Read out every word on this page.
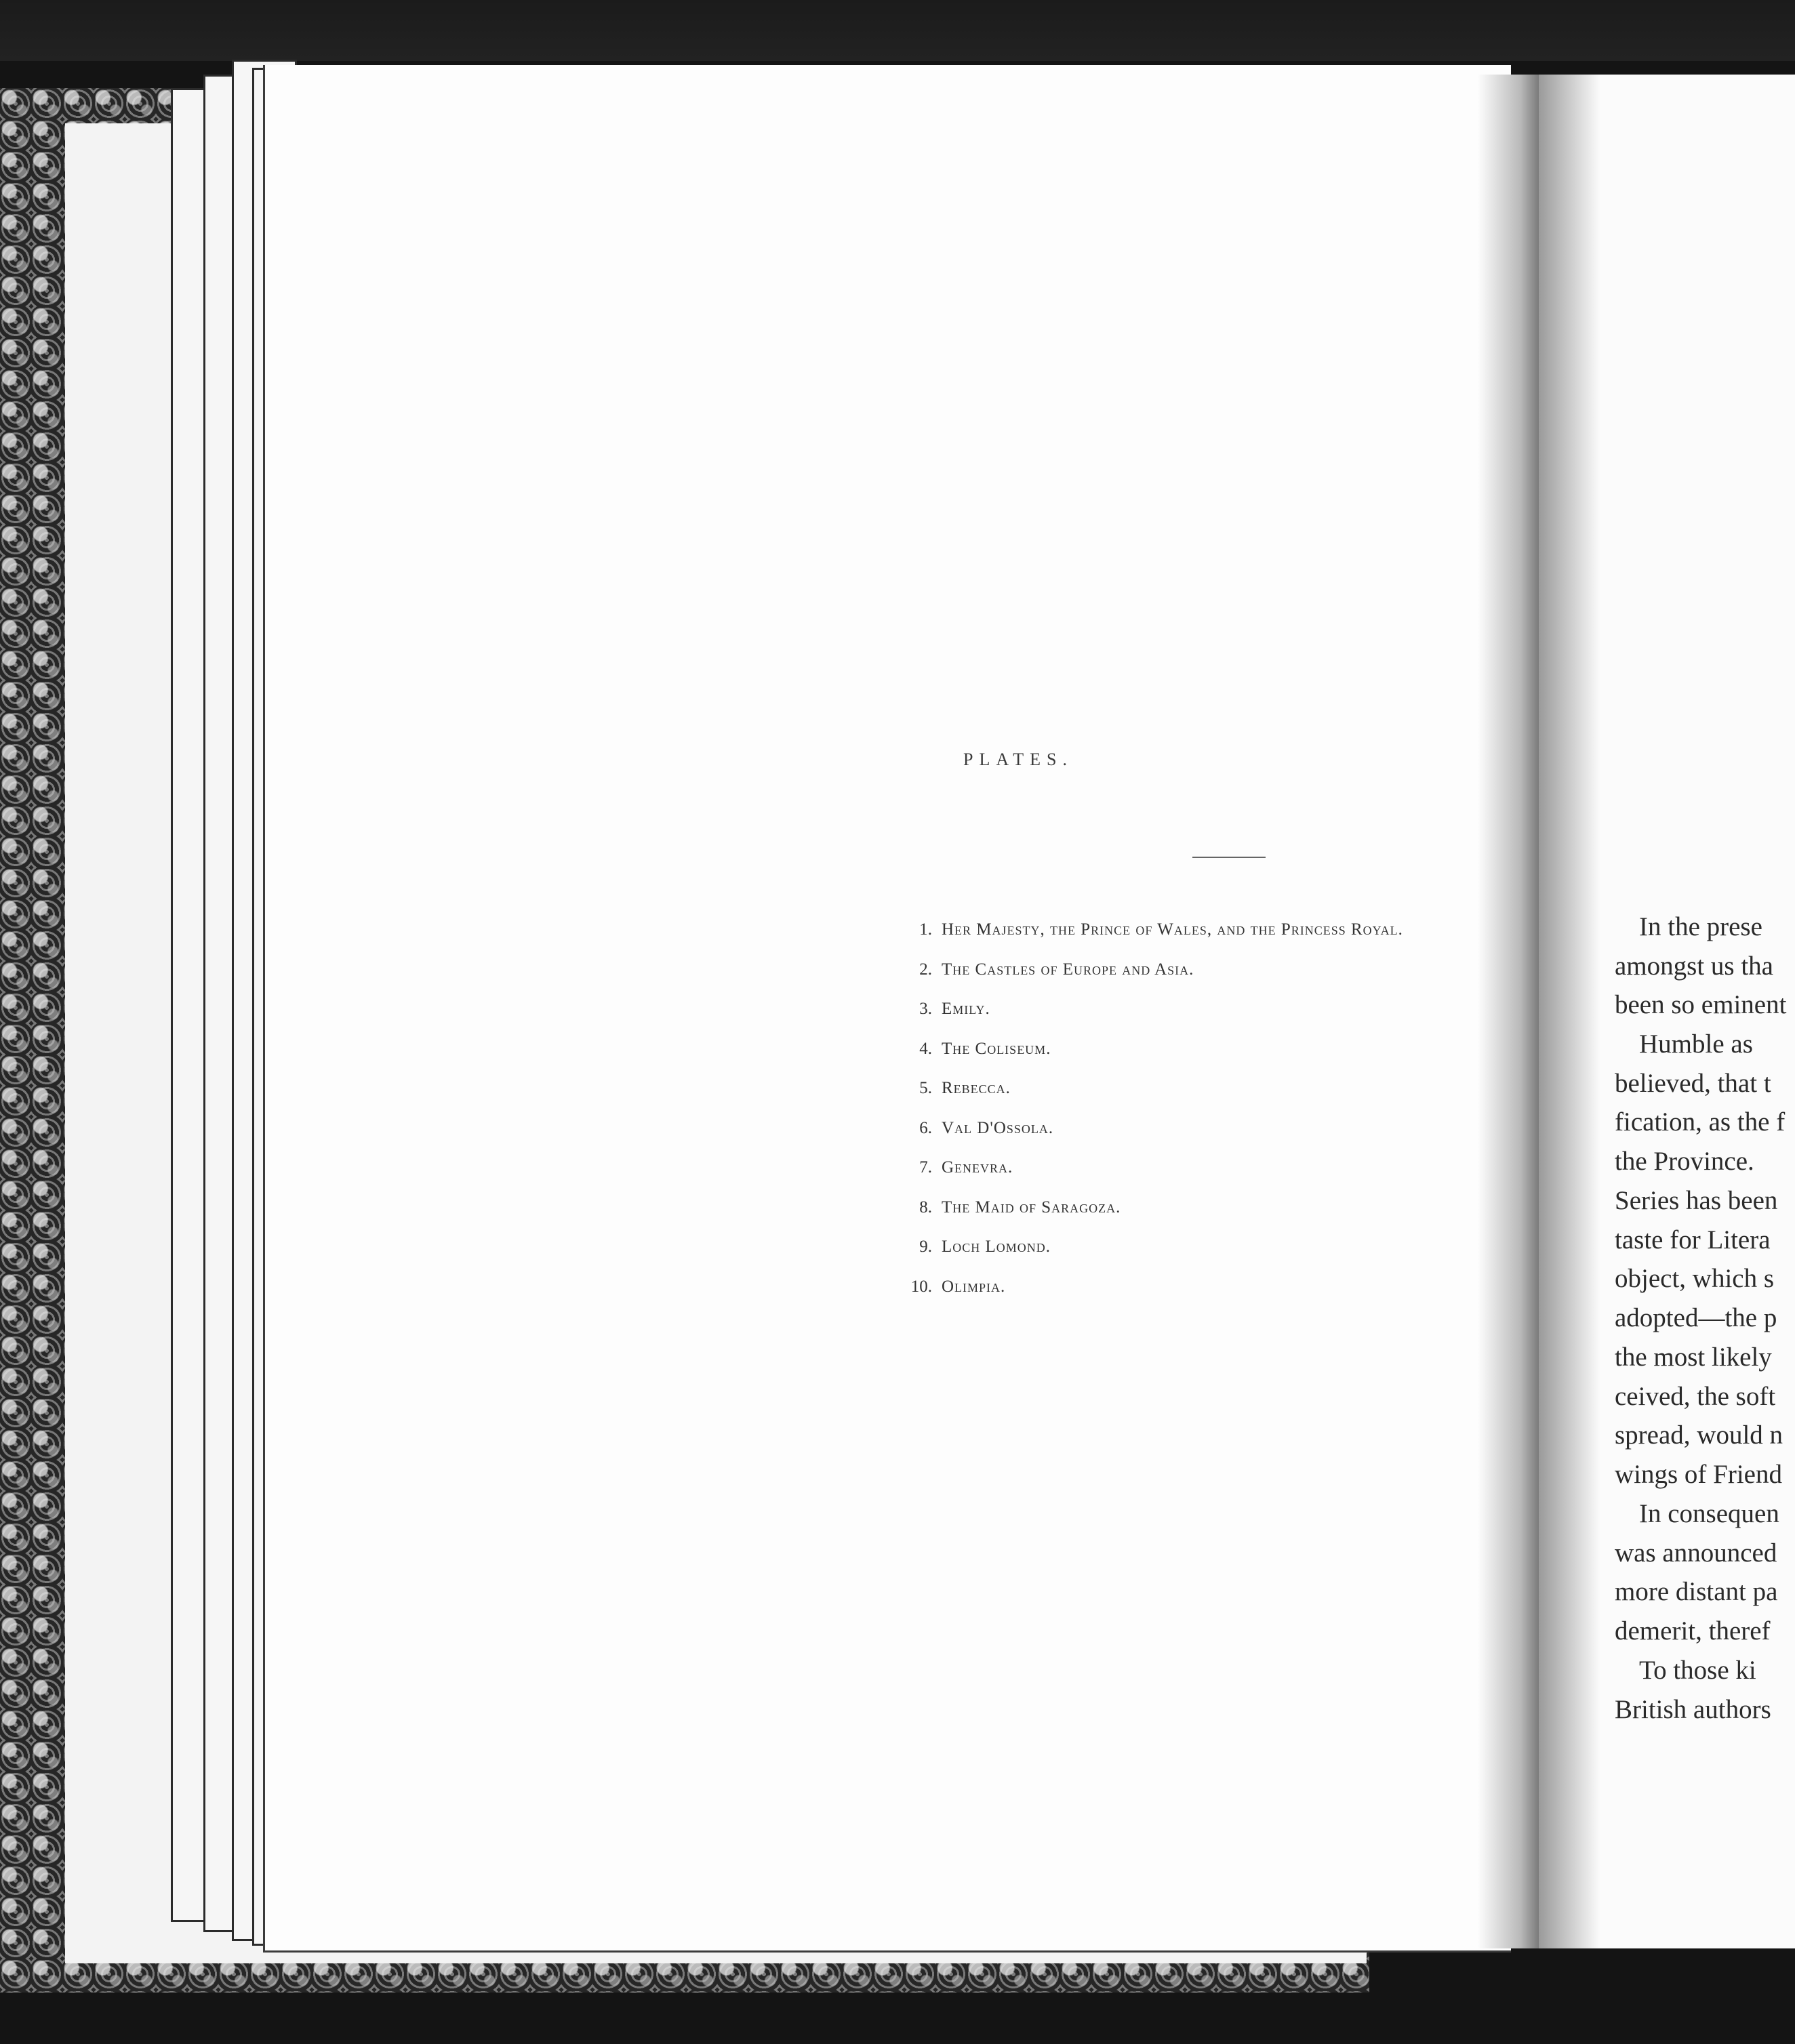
PLATES.
1. Her Majesty, the Prince of Wales, and the Princess Royal.
2. The Castles of Europe and Asia.
3. Emily.
4. The Coliseum.
5. Rebecca.
6. Val D'Ossola.
7. Genevra.
8. The Maid of Saragoza.
9. Loch Lomond.
10. Olimpia.
In the prese
amongst us tha
been so eminent
Humble as
believed, that t
fication, as the f
the Province.
Series has been
taste for Litera
object, which s
adopted—the p
the most likely
ceived, the soft
spread, would n
wings of Friend
In consequen
was announced
more distant pa
demerit, theref
To those ki
British authors
